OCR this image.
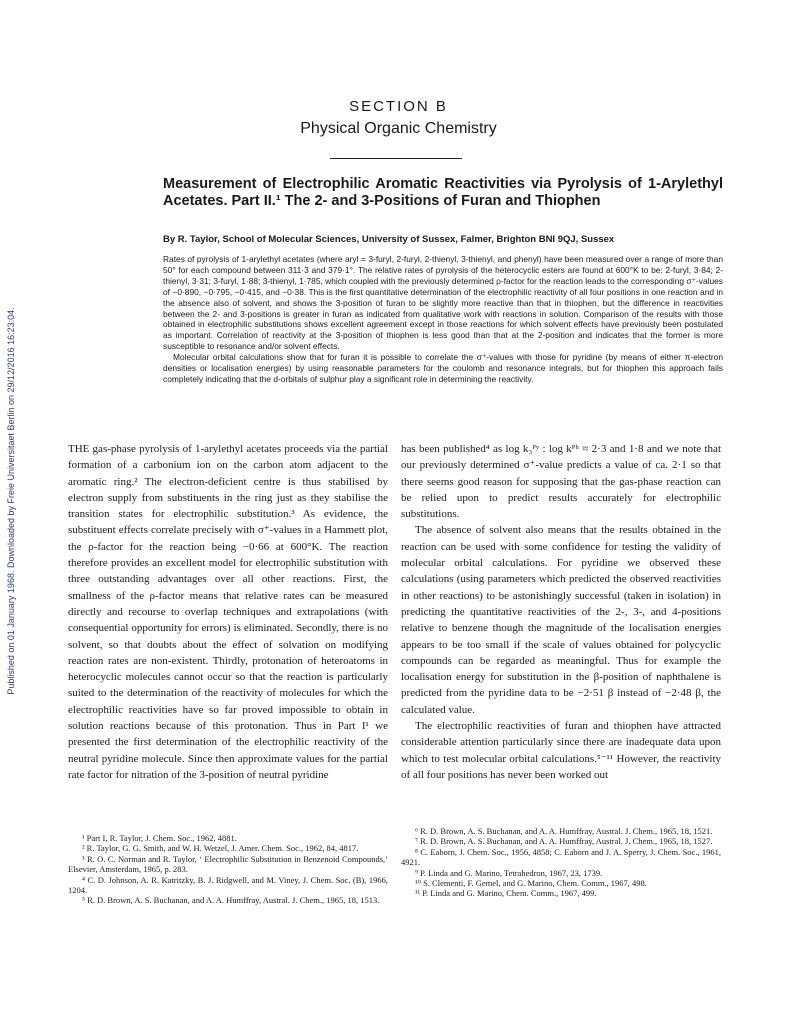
Published on 01 January 1968. Downloaded by Freie Universitaet Berlin on 29/12/2016 16:23:04.
SECTION B
Physical Organic Chemistry
Measurement of Electrophilic Aromatic Reactivities via Pyrolysis of 1-Arylethyl Acetates. Part II.¹ The 2- and 3-Positions of Furan and Thiophen
By R. Taylor, School of Molecular Sciences, University of Sussex, Falmer, Brighton BNI 9QJ, Sussex

Rates of pyrolysis of 1-arylethyl acetates (where aryl = 3-furyl, 2-furyl, 2-thienyl, 3-thienyl, and phenyl) have been measured over a range of more than 50° for each compound between 311·3 and 379·1°. The relative rates of pyrolysis of the heterocyclic esters are found at 600°K to be: 2-furyl, 3·84; 2-thienyl, 3·31; 3-furyl, 1·88; 3-thienyl, 1·785, which coupled with the previously determined ρ-factor for the reaction leads to the corresponding σ⁺-values of −0·890, −0·795, −0·415, and −0·38. This is the first quantitative determination of the electrophilic reactivity of all four positions in one reaction and in the absence also of solvent, and shows the 3-position of furan to be slightly more reactive than that in thiophen, but the difference in reactivities between the 2- and 3-positions is greater in furan as indicated from qualitative work with reactions in solution. Comparison of the results with those obtained in electrophilic substitutions shows excellent agreement except in those reactions for which solvent effects have previously been postulated as important. Correlation of reactivity at the 3-position of thiophen is less good than that at the 2-position and indicates that the former is more susceptible to resonance and/or solvent effects.

Molecular orbital calculations show that for furan it is possible to correlate the σ⁺-values with those for pyridine (by means of either π-electron densities or localisation energies) by using reasonable parameters for the coulomb and resonance integrals, but for thiophen this approach fails completely indicating that the d-orbitals of sulphur play a significant role in determining the reactivity.

THE gas-phase pyrolysis of 1-arylethyl acetates proceeds via the partial formation of a carbonium ion on the carbon atom adjacent to the aromatic ring.² The electron-deficient centre is thus stabilised by electron supply from substituents in the ring just as they stabilise the transition states for electrophilic substitution.³ As evidence, the substituent effects correlate precisely with σ⁺-values in a Hammett plot, the ρ-factor for the reaction being −0·66 at 600°K. The reaction therefore provides an excellent model for electrophilic substitution with three outstanding advantages over all other reactions. First, the smallness of the ρ-factor means that relative rates can be measured directly and recourse to overlap techniques and extrapolations (with consequential opportunity for errors) is eliminated. Secondly, there is no solvent, so that doubts about the effect of solvation on modifying reaction rates are non-existent. Thirdly, protonation of heteroatoms in heterocyclic molecules cannot occur so that the reaction is particularly suited to the determination of the reactivity of molecules for which the electrophilic reactivities have so far proved impossible to obtain in solution reactions because of this protonation. Thus in Part I¹ we presented the first determination of the electrophilic reactivity of the neutral pyridine molecule. Since then approximate values for the partial rate factor for nitration of the 3-position of neutral pyridine

has been published⁴ as log k₃ᴾʸ : log kᴾʰ ≈ 2·3 and 1·8 and we note that our previously determined σ⁺-value predicts a value of ca. 2·1 so that there seems good reason for supposing that the gas-phase reaction can be relied upon to predict results accurately for electrophilic substitutions.

The absence of solvent also means that the results obtained in the reaction can be used with some confidence for testing the validity of molecular orbital calculations. For pyridine we observed these calculations (using parameters which predicted the observed reactivities in other reactions) to be astonishingly successful (taken in isolation) in predicting the quantitative reactivities of the 2-, 3-, and 4-positions relative to benzene though the magnitude of the localisation energies appears to be too small if the scale of values obtained for polycyclic compounds can be regarded as meaningful. Thus for example the localisation energy for substitution in the β-position of naphthalene is predicted from the pyridine data to be −2·51 β instead of −2·48 β, the calculated value.

The electrophilic reactivities of furan and thiophen have attracted considerable attention particularly since there are inadequate data upon which to test molecular orbital calculations.⁵⁻¹¹ However, the reactivity of all four positions has never been worked out

¹ Part I, R. Taylor, J. Chem. Soc., 1962, 4881.
² R. Taylor, G. G. Smith, and W. H. Wetzel, J. Amer. Chem. Soc., 1962, 84, 4817.
³ R. O. C. Norman and R. Taylor, ‘ Electrophilic Substitution in Benzenoid Compounds,’ Elsevier, Amsterdam, 1965, p. 283.
⁴ C. D. Johnson, A. R. Katritzky, B. J. Ridgwell, and M. Viney, J. Chem. Soc. (B), 1966, 1204.
⁵ R. D. Brown, A. S. Buchanan, and A. A. Humffray, Austral. J. Chem., 1965, 18, 1513.
⁶ R. D. Brown, A. S. Buchanan, and A. A. Humffray, Austral. J. Chem., 1965, 18, 1521.
⁷ R. D. Brown, A. S. Buchanan, and A. A. Humffray, Austral. J. Chem., 1965, 18, 1527.
⁸ C. Eaborn, J. Chem. Soc., 1956, 4858; C. Eaborn and J. A. Sperry, J. Chem. Soc., 1961, 4921.
⁹ P. Linda and G. Marino, Tetrahedron, 1967, 23, 1739.
¹⁰ S. Clementi, F. Gemel, and G. Marino, Chem. Comm., 1967, 498.
¹¹ P. Linda and G. Marino, Chem. Comm., 1967, 499.
